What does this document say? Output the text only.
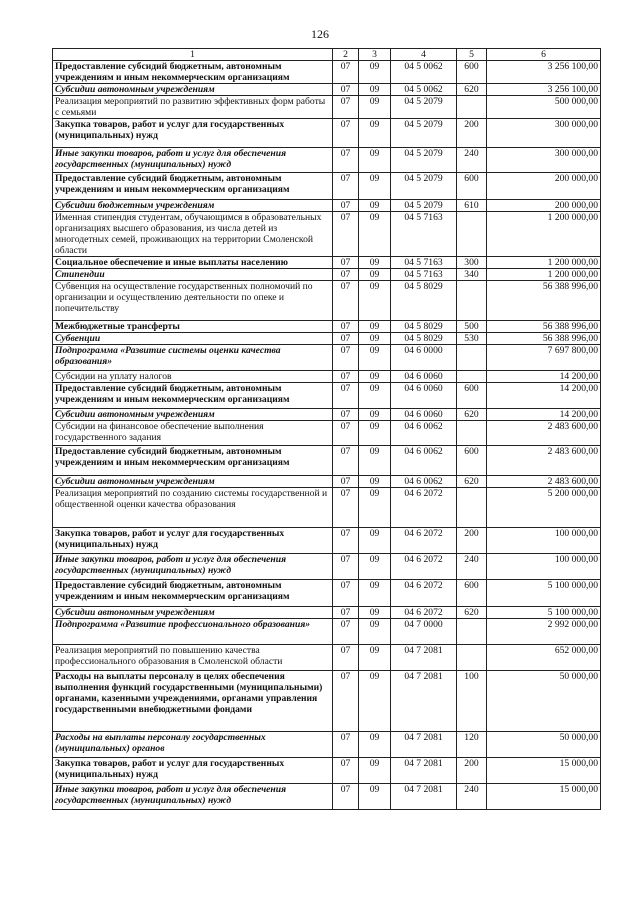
126
1	2	3	4	5	6
Предоставление субсидий бюджетным, автономным учреждениям и иным некоммерческим организациям	07	09	04 5 0062	600	3 256 100,00
Субсидии автономным учреждениям	07	09	04 5 0062	620	3 256 100,00
Реализация мероприятий по развитию эффективных форм работы с семьями	07	09	04 5 2079		500 000,00
Закупка товаров, работ и услуг для государственных (муниципальных) нужд	07	09	04 5 2079	200	300 000,00
Иные закупки товаров, работ и услуг для обеспечения государственных (муниципальных) нужд	07	09	04 5 2079	240	300 000,00
Предоставление субсидий бюджетным, автономным учреждениям и иным некоммерческим организациям	07	09	04 5 2079	600	200 000,00
Субсидии бюджетным учреждениям	07	09	04 5 2079	610	200 000,00
Именная стипендия студентам, обучающимся в образовательных организациях высшего образования, из числа детей из многодетных семей, проживающих на территории Смоленской области	07	09	04 5 7163		1 200 000,00
Социальное обеспечение и иные выплаты населению	07	09	04 5 7163	300	1 200 000,00
Стипендии	07	09	04 5 7163	340	1 200 000,00
Субвенция на осуществление государственных полномочий по организации и осуществлению деятельности по опеке и попечительству	07	09	04 5 8029		56 388 996,00
Межбюджетные трансферты	07	09	04 5 8029	500	56 388 996,00
Субвенции	07	09	04 5 8029	530	56 388 996,00
Подпрограмма «Развитие системы оценки качества образования»	07	09	04 6 0000		7 697 800,00
Субсидии на уплату налогов	07	09	04 6 0060		14 200,00
Предоставление субсидий бюджетным, автономным учреждениям и иным некоммерческим организациям	07	09	04 6 0060	600	14 200,00
Субсидии автономным учреждениям	07	09	04 6 0060	620	14 200,00
Субсидии на финансовое обеспечение выполнения государственного задания	07	09	04 6 0062		2 483 600,00
Предоставление субсидий бюджетным, автономным учреждениям и иным некоммерческим организациям	07	09	04 6 0062	600	2 483 600,00
Субсидии автономным учреждениям	07	09	04 6 0062	620	2 483 600,00
Реализация мероприятий по созданию системы государственной и общественной оценки качества образования	07	09	04 6 2072		5 200 000,00
Закупка товаров, работ и услуг для государственных (муниципальных) нужд	07	09	04 6 2072	200	100 000,00
Иные закупки товаров, работ и услуг для обеспечения государственных (муниципальных) нужд	07	09	04 6 2072	240	100 000,00
Предоставление субсидий бюджетным, автономным учреждениям и иным некоммерческим организациям	07	09	04 6 2072	600	5 100 000,00
Субсидии автономным учреждениям	07	09	04 6 2072	620	5 100 000,00
Подпрограмма «Развитие профессионального образования»	07	09	04 7 0000		2 992 000,00
Реализация мероприятий по повышению качества профессионального образования в Смоленской области	07	09	04 7 2081		652 000,00
Расходы на выплаты персоналу в целях обеспечения выполнения функций государственными (муниципальными) органами, казенными учреждениями, органами управления государственными внебюджетными фондами	07	09	04 7 2081	100	50 000,00
Расходы на выплаты персоналу государственных (муниципальных) органов	07	09	04 7 2081	120	50 000,00
Закупка товаров, работ и услуг для государственных (муниципальных) нужд	07	09	04 7 2081	200	15 000,00
Иные закупки товаров, работ и услуг для обеспечения государственных (муниципальных) нужд	07	09	04 7 2081	240	15 000,00
